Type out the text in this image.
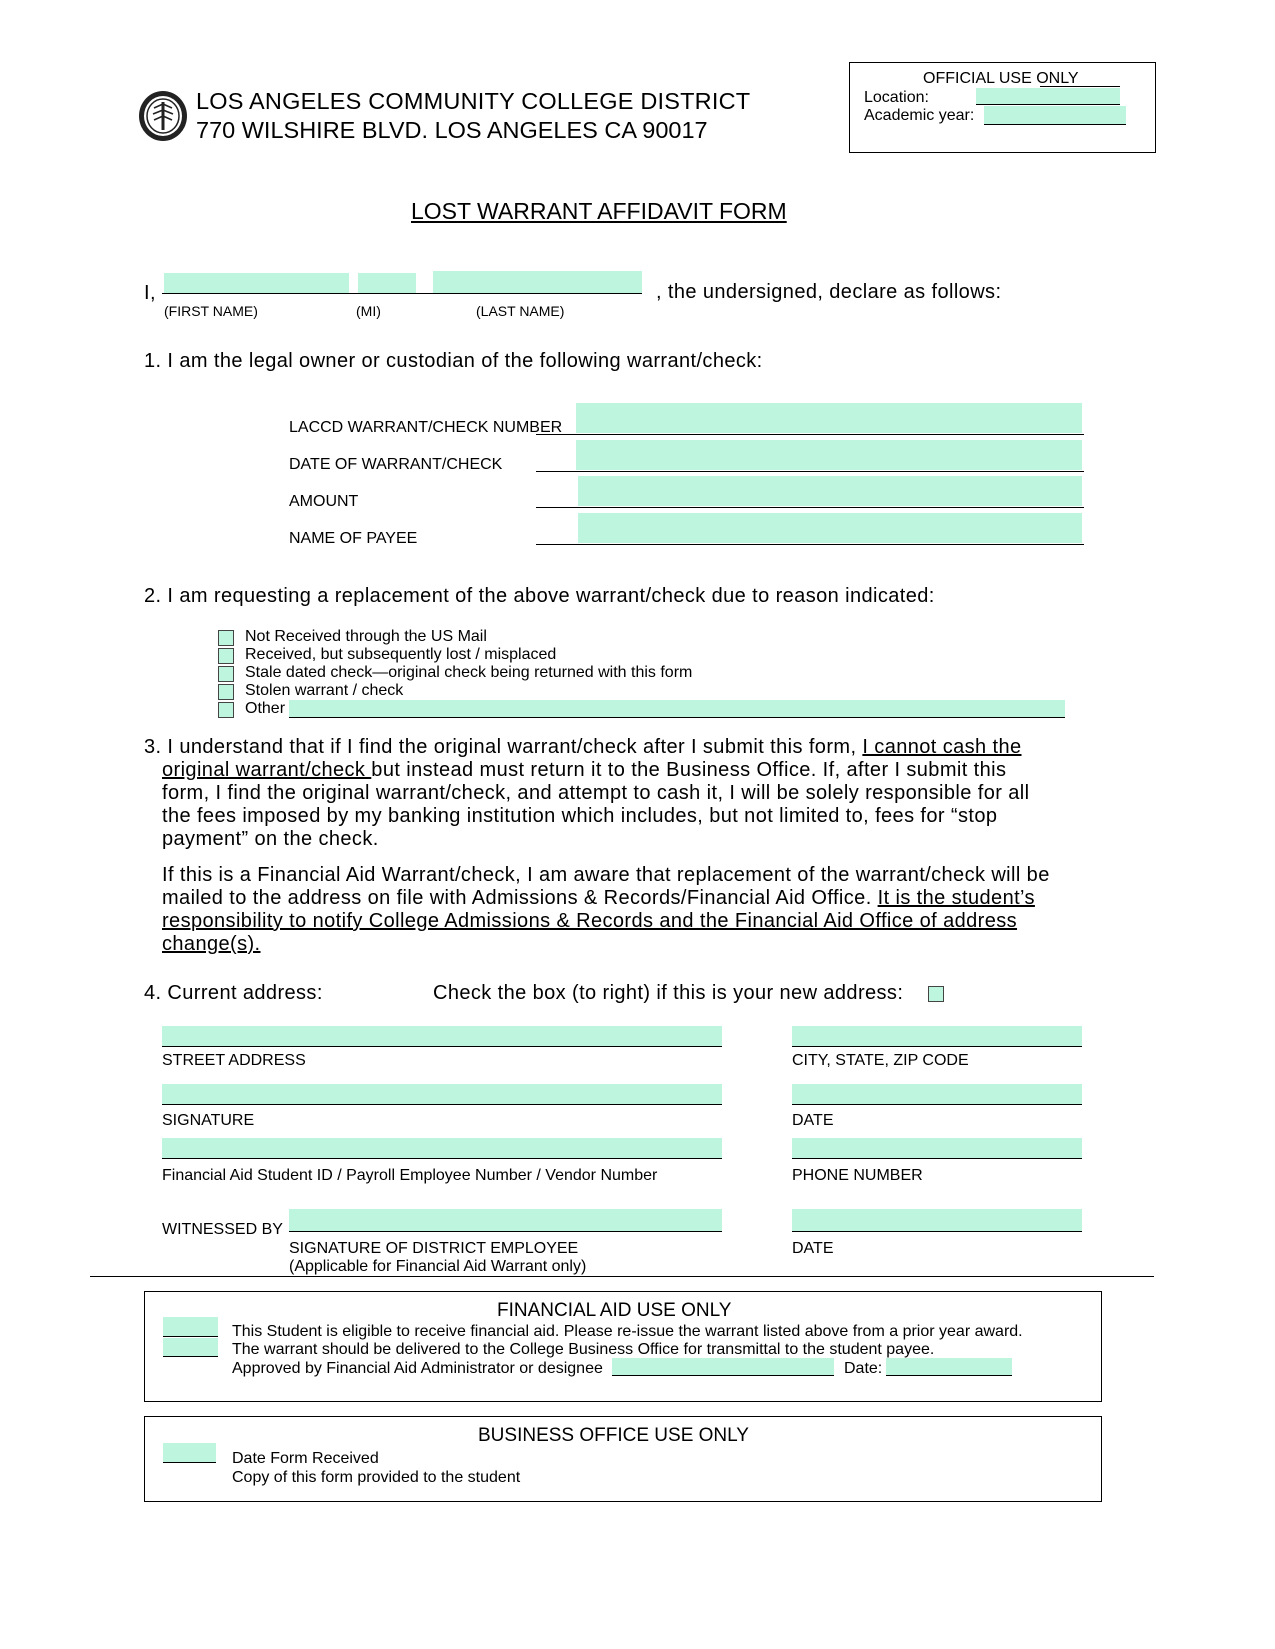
LOS ANGELES COMMUNITY COLLEGE DISTRICT
770 WILSHIRE BLVD. LOS ANGELES CA 90017
OFFICIAL USE ONLY
Location:
Academic year:
LOST WARRANT AFFIDAVIT FORM
I,	, the undersigned, declare as follows:
(FIRST NAME)	(MI)	(LAST NAME)
1. I am the legal owner or custodian of the following warrant/check:
LACCD WARRANT/CHECK NUMBER
DATE OF WARRANT/CHECK
AMOUNT
NAME OF PAYEE
2. I am requesting a replacement of the above warrant/check due to reason indicated:
Not Received through the US Mail
Received, but subsequently lost / misplaced
Stale dated check—original check being returned with this form
Stolen warrant / check
Other
3. I understand that if I find the original warrant/check after I submit this form, I cannot cash the
original warrant/check but instead must return it to the Business Office. If, after I submit this
form, I find the original warrant/check, and attempt to cash it, I will be solely responsible for all
the fees imposed by my banking institution which includes, but not limited to, fees for “stop
payment” on the check.
If this is a Financial Aid Warrant/check, I am aware that replacement of the warrant/check will be
mailed to the address on file with Admissions & Records/Financial Aid Office. It is the student’s
responsibility to notify College Admissions & Records and the Financial Aid Office of address
change(s).
4. Current address:	Check the box (to right) if this is your new address:
STREET ADDRESS	CITY, STATE, ZIP CODE
SIGNATURE	DATE
Financial Aid Student ID / Payroll Employee Number / Vendor Number	PHONE NUMBER
WITNESSED BY
SIGNATURE OF DISTRICT EMPLOYEE
(Applicable for Financial Aid Warrant only)
DATE
FINANCIAL AID USE ONLY
This Student is eligible to receive financial aid. Please re-issue the warrant listed above from a prior year award.
The warrant should be delivered to the College Business Office for transmittal to the student payee.
Approved by Financial Aid Administrator or designee	Date:
BUSINESS OFFICE USE ONLY
Date Form Received
Copy of this form provided to the student
